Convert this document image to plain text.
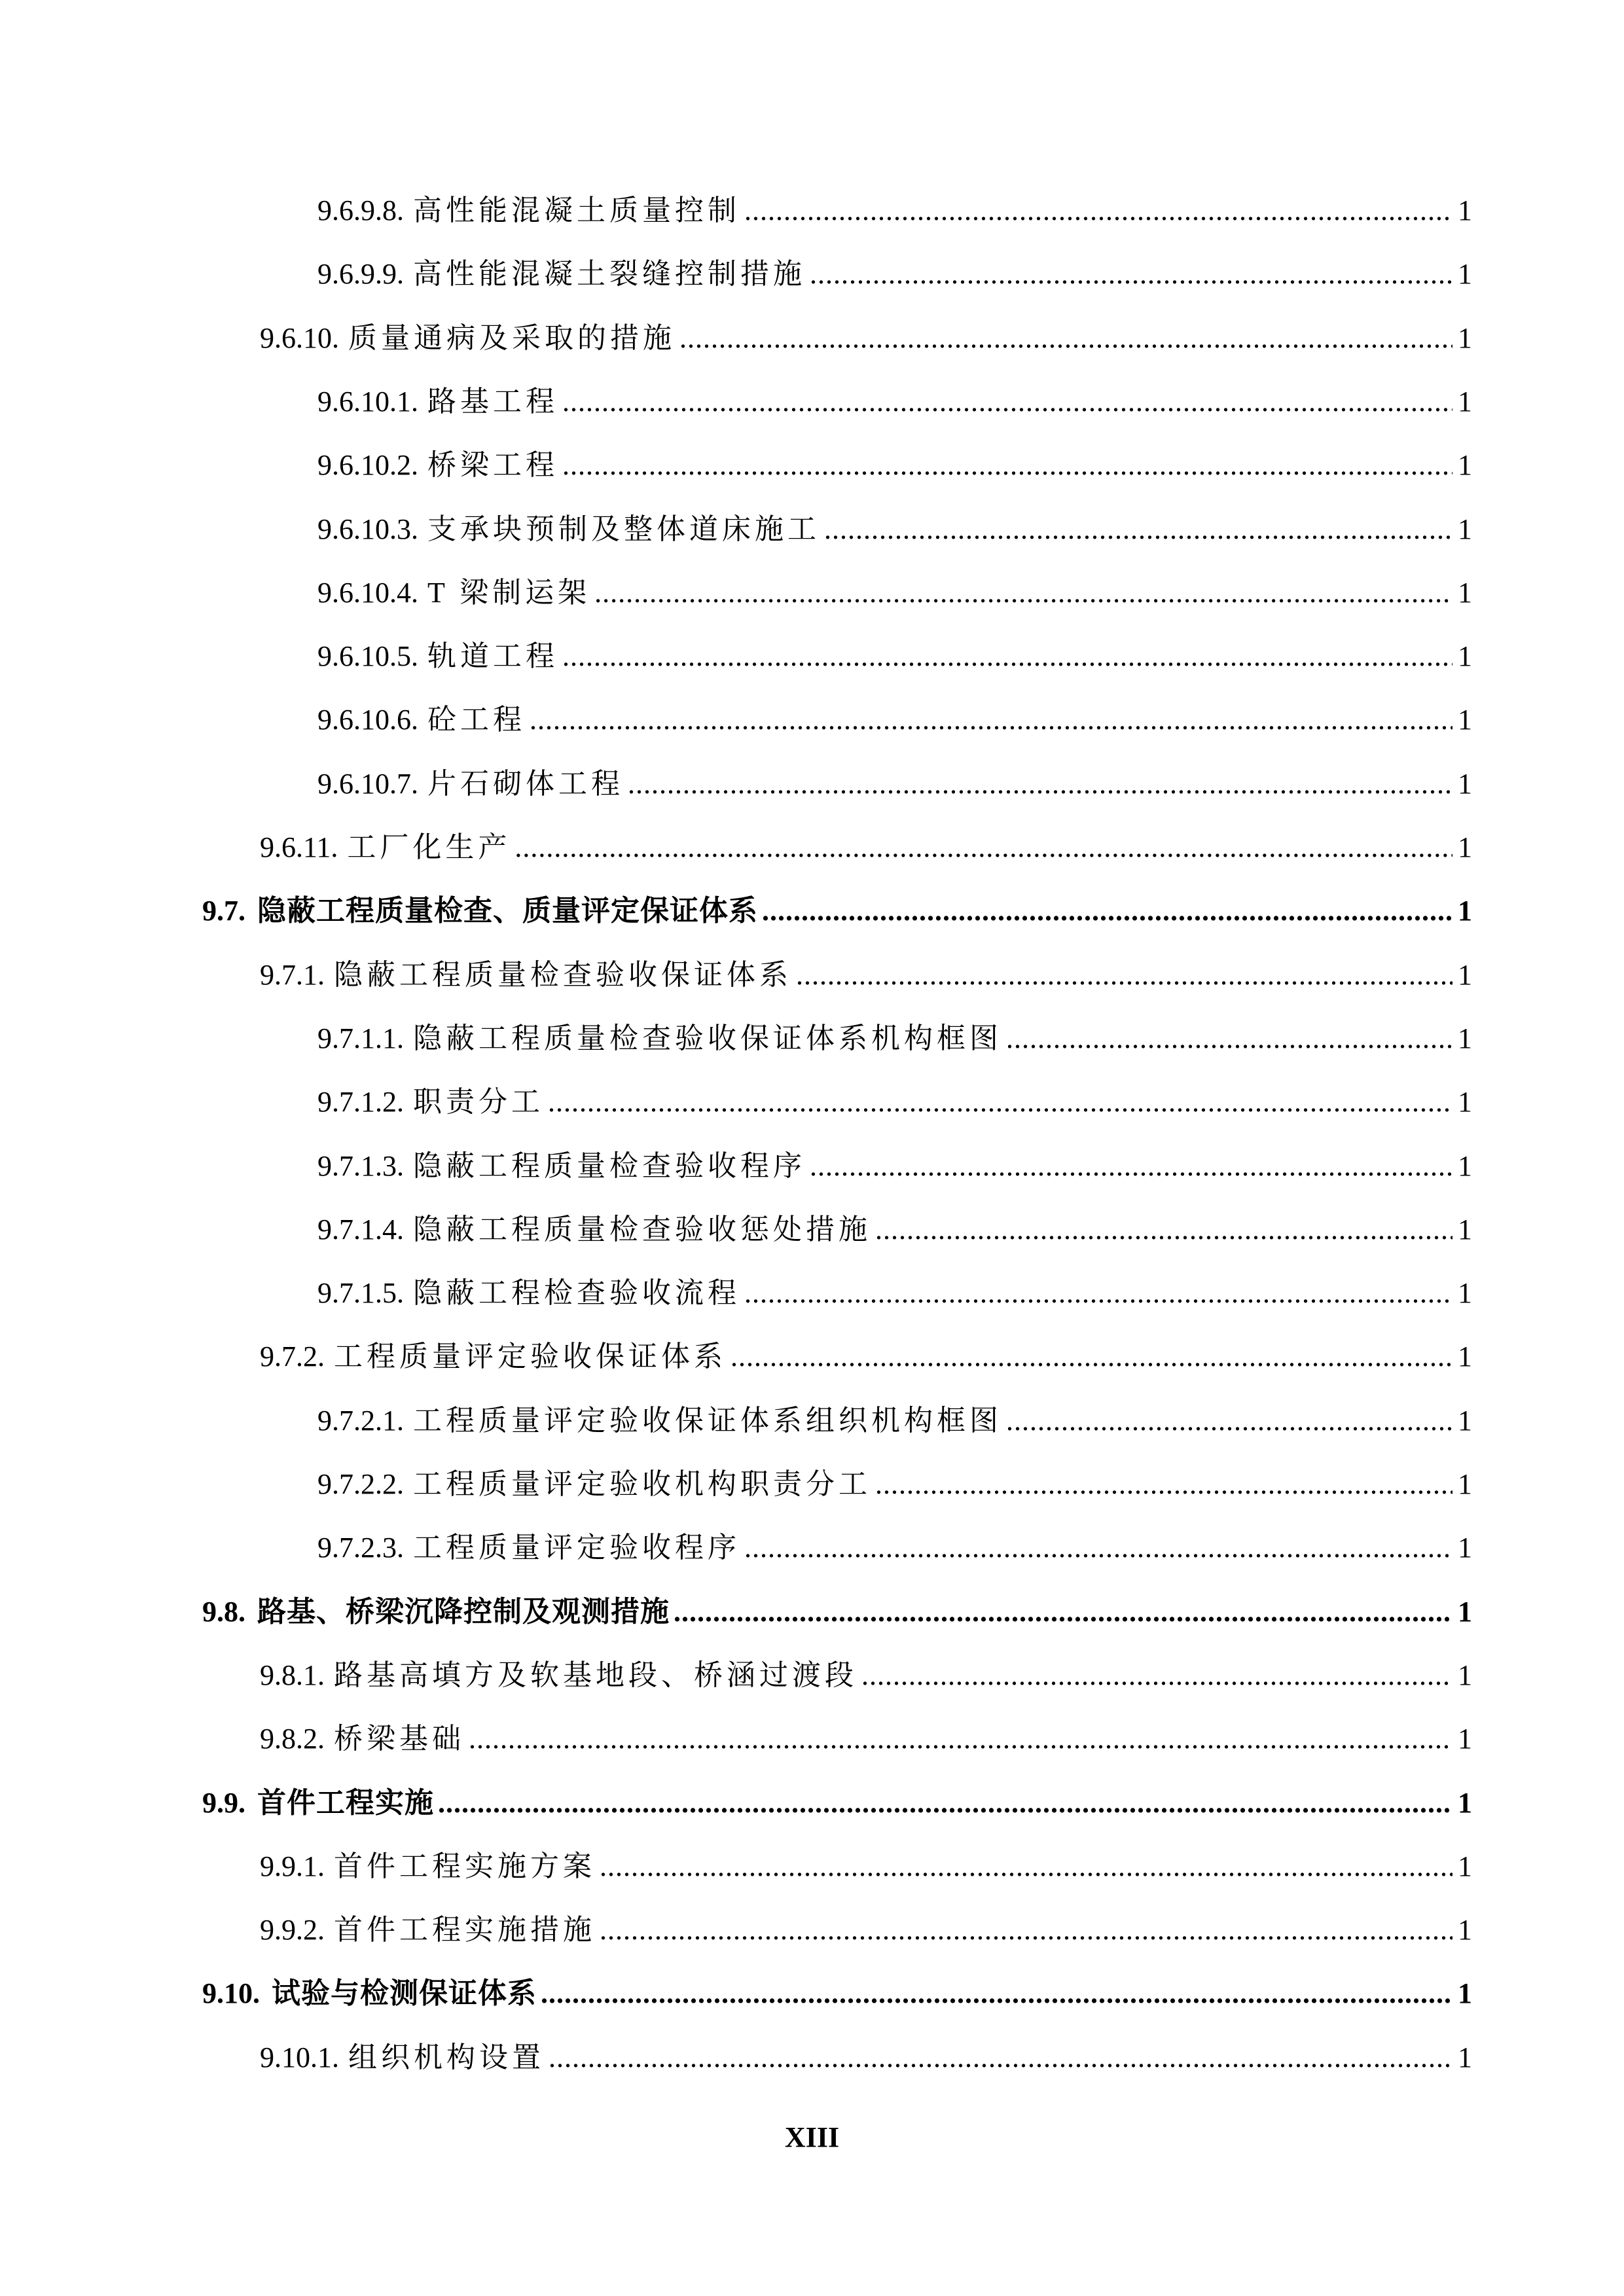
9.6.9.8. 高性能混凝土质量控制 .....	1
9.6.9.9. 高性能混凝土裂缝控制措施 .....	1
9.6.10. 质量通病及采取的措施 .....	1
9.6.10.1. 路基工程 .....	1
9.6.10.2. 桥梁工程 .....	1
9.6.10.3. 支承块预制及整体道床施工 .....	1
9.6.10.4. T 梁制运架 .....	1
9.6.10.5. 轨道工程 .....	1
9.6.10.6. 砼工程 .....	1
9.6.10.7. 片石砌体工程 .....	1
9.6.11. 工厂化生产 .....	1
9.7. 隐蔽工程质量检查、质量评定保证体系 .....	1
9.7.1. 隐蔽工程质量检查验收保证体系 .....	1
9.7.1.1. 隐蔽工程质量检查验收保证体系机构框图 .....	1
9.7.1.2. 职责分工 .....	1
9.7.1.3. 隐蔽工程质量检查验收程序 .....	1
9.7.1.4. 隐蔽工程质量检查验收惩处措施 .....	1
9.7.1.5. 隐蔽工程检查验收流程 .....	1
9.7.2. 工程质量评定验收保证体系 .....	1
9.7.2.1. 工程质量评定验收保证体系组织机构框图 .....	1
9.7.2.2. 工程质量评定验收机构职责分工 .....	1
9.7.2.3. 工程质量评定验收程序 .....	1
9.8. 路基、桥梁沉降控制及观测措施 .....	1
9.8.1. 路基高填方及软基地段、桥涵过渡段 .....	1
9.8.2. 桥梁基础 .....	1
9.9. 首件工程实施 .....	1
9.9.1. 首件工程实施方案 .....	1
9.9.2. 首件工程实施措施 .....	1
9.10. 试验与检测保证体系 .....	1
9.10.1. 组织机构设置 .....	1
XIII
